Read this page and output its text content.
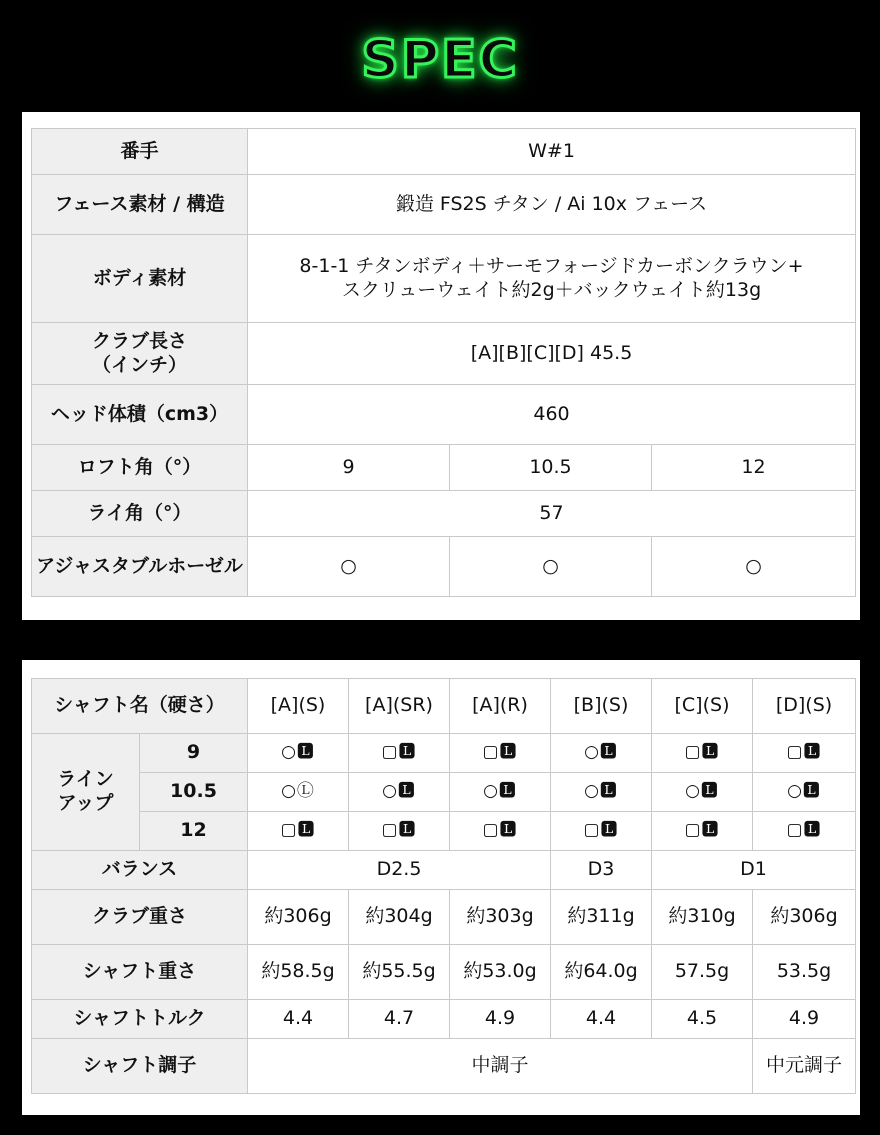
SPEC
番手	W#1		
フェース素材 / 構造	鍛造 FS2S チタン / Ai 10x フェース		
ボディ素材	8-1-1 チタンボディ＋サーモフォージドカーボンクラウン+
スクリューウェイト約2g＋バックウェイト約13g		

クラブ長さ
（インチ）	[A][B][C][D] 45.5		
ヘッド体積（cm3）	460		
ロフト角（°）	9	10.5	12
ライ角（°）	57		
アジャスタブルホーゼル	○	○	○
シャフト名（硬さ）		[A](S)	[A](SR)	[A](R)	[B](S)	[C](S)	[D](S)

ライン
アップ	9	○🅻	▢🅻	▢🅻	○🅻	▢🅻	▢🅻
	10.5	○Ⓛ	○🅻	○🅻	○🅻	○🅻	○🅻
	12	▢🅻	▢🅻	▢🅻	▢🅻	▢🅻	▢🅻
バランス		D2.5			D3	D1	
クラブ重さ		約306g	約304g	約303g	約311g	約310g	約306g
シャフト重さ		約58.5g	約55.5g	約53.0g	約64.0g	57.5g	53.5g
シャフトトルク		4.4	4.7	4.9	4.4	4.5	4.9
シャフト調子		中調子					中元調子
